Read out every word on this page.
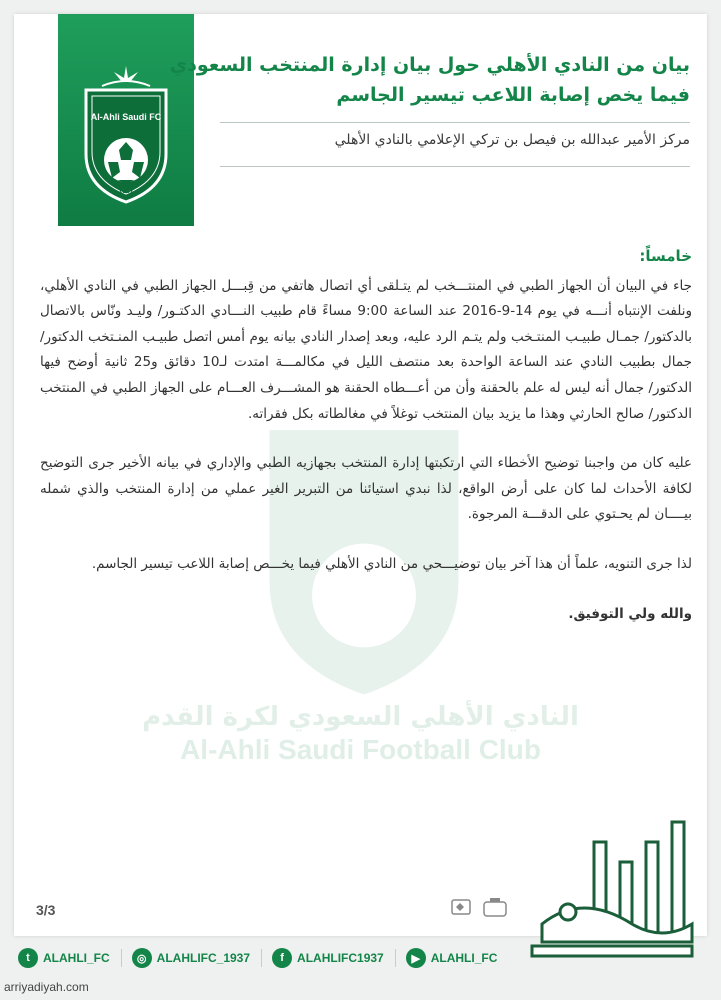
Al-Ahli Saudi FC
1937
بيان من النادي الأهلي حول بيان إدارة المنتخب السعودي
فيما يخص إصابة اللاعب تيسير الجاسم
مركز الأمير عبدالله بن فيصل بن تركي الإعلامي بالنادي الأهلي
النادي الأهلي السعودي لكرة القدم
Al-Ahli Saudi Football Club
خامساً:

جاء في البيان أن الجهاز الطبي في المنتـــخب لم يتـلقى أي اتصال هاتفي من قِبـــل الجهاز الطبي في النادي الأهلي، ونلفت الإنتباه أنـــه في يوم 14-9-2016 عند الساعة 9:00 مساءً قام طبيب النـــادي الدكتـور/ وليـد ونّاس بالاتصال بالدكتور/ جمـال طبيـب المنتـخب ولم يتـم الرد عليه، وبعد إصدار النادي بيانه يوم أمس اتصل طبيـب المنـتخب الدكتور/ جمال بطبيب النادي عند الساعة الواحدة بعد منتصف الليل في مكالمـــة امتدت لـ10 دقائق و25 ثانية أوضح فيها الدكتور/ جمال أنه ليس له علم بالحقنة وأن من أعـــطاه الحقنة هو المشـــرف العـــام على الجهاز الطبي في المنتخب الدكتور/ صالح الحارثي وهذا ما يزيد بيان المنتخب توغلاً في مغالطاته بكل فقراته.

عليه كان من واجبنا توضيح الأخطاء التي ارتكبتها إدارة المنتخب بجهازيه الطبي والإداري في بيانه الأخير جرى التوضيح لكافة الأحداث لما كان على أرض الواقع، لذا نبدي استيائنا من التبرير الغير عملي من إدارة المنتخب والذي شمله بيــــان لم يحـتوي على الدقـــة المرجوة.

لذا جرى التنويه، علماً أن هذا آخر بيان توضيـــحي من النادي الأهلي فيما يخـــص إصابة اللاعب تيسير الجاسم.

والله ولي التوفيق.
3/3
t	ALAHLI_FC	◎ ALAHLIFC_1937	f	ALAHLIFC1937	▶ ALAHLI_FC
arriyadiyah.com
